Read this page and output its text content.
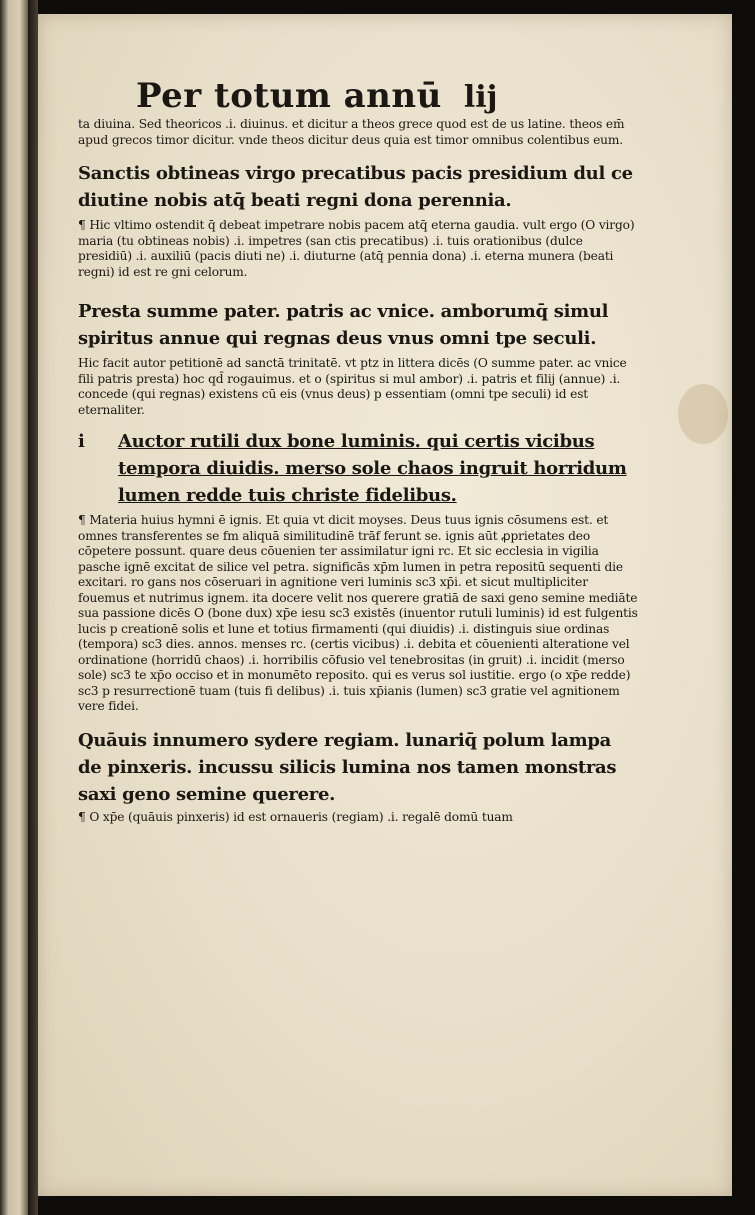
Per totum annū lij

ta diuina. Sed theoricos .i. diuinus. et dicitur a theos grece quod est de us latine. theos em̄ apud grecos timor dicitur. vnde theos dicitur deus quia est timor omnibus colentibus eum.

Sanctis obtineas virgo precatibus pacis presidium dul ce diutine nobis atq̄ beati regni dona perennia.

¶ Hic vltimo ostendit q̄ debeat impetrare nobis pacem atq̄ eterna gaudia. vult ergo (O virgo) maria (tu obtineas nobis) .i. impetres (san ctis precatibus) .i. tuis orationibus (dulce presidiū) .i. auxiliū (pacis diuti ne) .i. diuturne (atq̄ pennia dona) .i. eterna munera (beati regni) id est re gni celorum.

Presta summe pater. patris ac vnice. amborumq̄ simul spiritus annue qui regnas deus vnus omni tpe seculi.

Hic facit autor petitionē ad sanctā trinitatē. vt ptz in littera dicēs (O summe pater. ac vnice fili patris presta) hoc qd̄ rogauimus. et o (spiritus si mul ambor) .i. patris et filij (annue) .i. concede (qui regnas) existens cū eis (vnus deus) p essentiam (omni tpe seculi) id est eternaliter.

i	Auctor rutili dux bone luminis. qui certis vicibus tempora diuidis. merso sole chaos ingruit horridum lumen redde tuis christe fidelibus.

¶ Materia huius hymni ē ignis. Et quia vt dicit moyses. Deus tuus ignis cōsumens est. et omnes transferentes se fm aliquā similitudinē trāf ferunt se. ignis aūt ꝓprietates deo cōpetere possunt. quare deus cōuenien ter assimilatur igni rc. Et sic ecclesia in vigilia pasche ignē excitat de silice vel petra. significās xp̄m lumen in petra repositū sequenti die excitari. ro gans nos cōseruari in agnitione veri luminis sc3 xp̄i. et sicut multipliciter fouemus et nutrimus ignem. ita docere velit nos querere gratiā de saxi geno semine mediāte sua passione dicēs O (bone dux) xp̄e iesu sc3 existēs (inuentor rutuli luminis) id est fulgentis lucis p creationē solis et lune et totius firmamenti (qui diuidis) .i. distinguis siue ordinas (tempora) sc3 dies. annos. menses rc. (certis vicibus) .i. debita et cōuenienti alteratione vel ordinatione (horridū chaos) .i. horribilis cōfusio vel tenebrositas (in gruit) .i. incidit (merso sole) sc3 te xp̄o occiso et in monumēto reposito. qui es verus sol iustitie. ergo (o xp̄e redde) sc3 p resurrectionē tuam (tuis fi delibus) .i. tuis xp̄ianis (lumen) sc3 gratie vel agnitionem vere fidei.

Quāuis innumero sydere regiam. lunariq̄ polum lampa de pinxeris. incussu silicis lumina nos tamen monstras saxi geno semine querere.

¶ O xp̄e (quāuis pinxeris) id est ornaueris (regiam) .i. regalē domū tuam
